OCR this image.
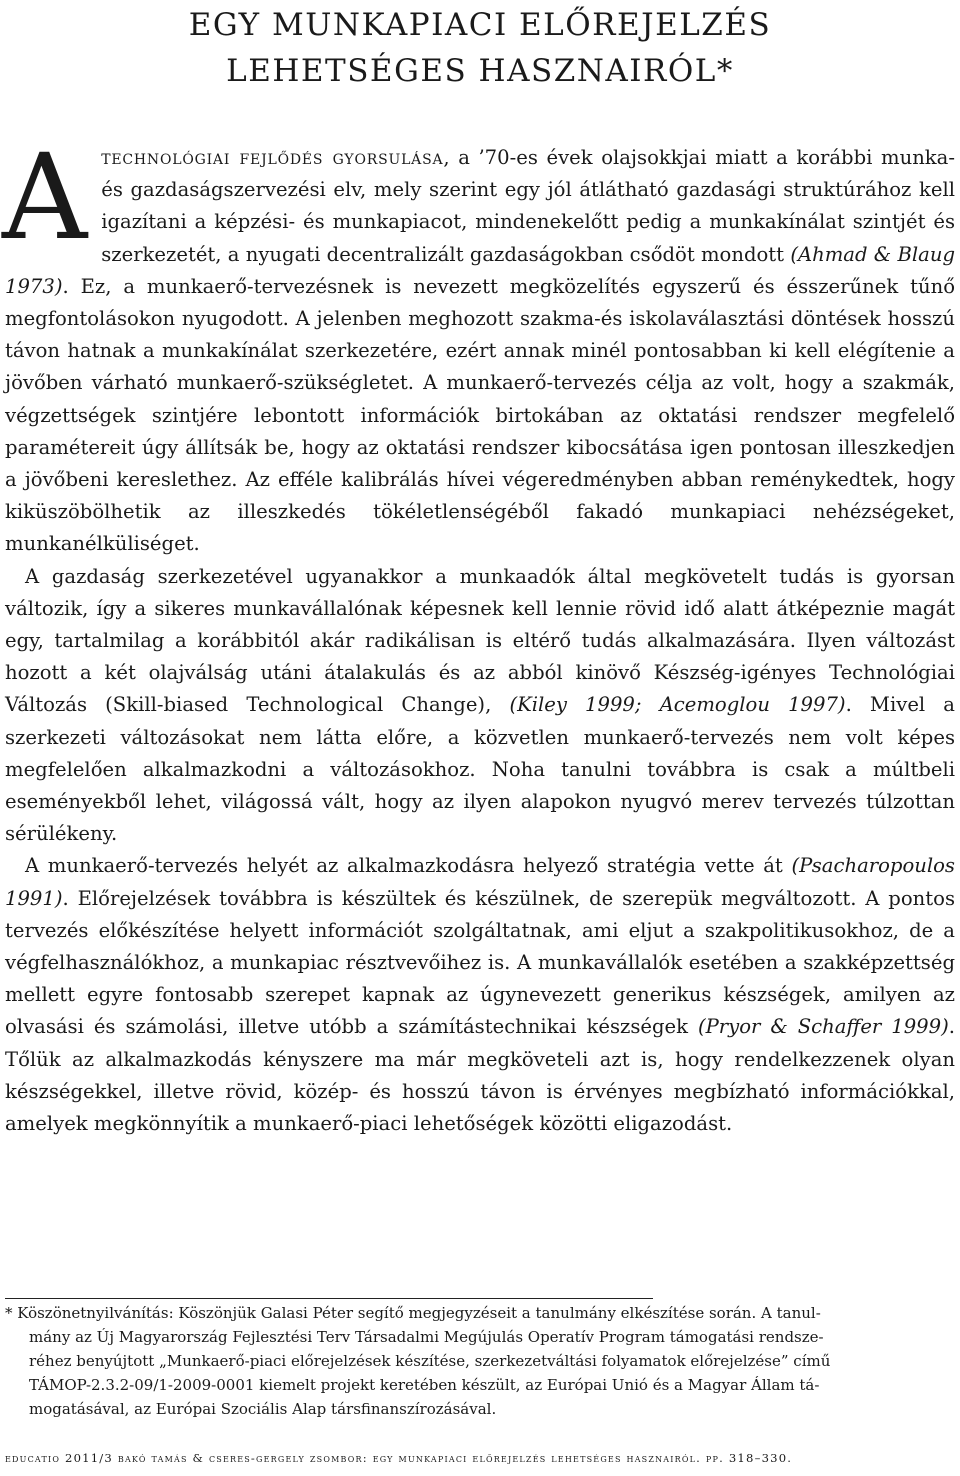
EGY MUNKAPIACI ELŐREJELZÉS
LEHETSÉGES HASZNAIRÓL*

Atechnológiai fejlődés gyorsulása, a ’70-es évek olajsokkjai miatt a korábbi munka- és gazdaságszervezési elv, mely szerint egy jól átlátható gazdasági struktúrához kell igazítani a képzési- és munkapiacot, mindenekelőtt pedig a munkakínálat szintjét és szerkezetét, a nyugati decentralizált gazdaságokban csődöt mondott (Ahmad & Blaug 1973). Ez, a munkaerő-tervezésnek is nevezett megközelítés egyszerű és ésszerűnek tűnő megfontolásokon nyugodott. A jelenben meghozott szakma-és iskolaválasztási döntések hosszú távon hatnak a munkakínálat szerkezetére, ezért annak minél pontosabban ki kell elégítenie a jövőben várható munkaerő-szükségletet. A munkaerő-tervezés célja az volt, hogy a szakmák, végzettségek szintjére lebontott információk birtokában az oktatási rendszer megfelelő paramétereit úgy állítsák be, hogy az oktatási rendszer kibocsátása igen pontosan illeszkedjen a jövőbeni kereslethez. Az efféle kalibrálás hívei végeredményben abban reménykedtek, hogy kiküszöbölhetik az illeszkedés tökéletlenségéből fakadó munkapiaci nehézségeket, munkanélküliséget.

A gazdaság szerkezetével ugyanakkor a munkaadók által megkövetelt tudás is gyorsan változik, így a sikeres munkavállalónak képesnek kell lennie rövid idő alatt átképeznie magát egy, tartalmilag a korábbitól akár radikálisan is eltérő tudás alkalmazására. Ilyen változást hozott a két olajválság utáni átalakulás és az abból kinövő Készség-igényes Technológiai Változás (Skill-biased Technological Change), (Kiley 1999; Acemoglou 1997). Mivel a szerkezeti változásokat nem látta előre, a közvetlen munkaerő-tervezés nem volt képes megfelelően alkalmazkodni a változásokhoz. Noha tanulni továbbra is csak a múltbeli eseményekből lehet, világossá vált, hogy az ilyen alapokon nyugvó merev tervezés túlzottan sérülékeny.

A munkaerő-tervezés helyét az alkalmazkodásra helyező stratégia vette át (Psacharopoulos 1991). Előrejelzések továbbra is készültek és készülnek, de szerepük megváltozott. A pontos tervezés előkészítése helyett információt szolgáltatnak, ami eljut a szakpolitikusokhoz, de a végfelhasználókhoz, a munkapiac résztvevőihez is. A munkavállalók esetében a szakképzettség mellett egyre fontosabb szerepet kapnak az úgynevezett generikus készségek, amilyen az olvasási és számolási, illetve utóbb a számítástechnikai készségek (Pryor & Schaffer 1999). Tőlük az alkalmazkodás kényszere ma már megköveteli azt is, hogy rendelkezzenek olyan készségekkel, illetve rövid, közép- és hosszú távon is érvényes megbízható információkkal, amelyek megkönnyítik a munkaerő-piaci lehetőségek közötti eligazodást.

* Köszönetnyilvánítás: Köszönjük Galasi Péter segítő megjegyzéseit a tanulmány elkészítése során. A tanul-
mány az Új Magyarország Fejlesztési Terv Társadalmi Megújulás Operatív Program támogatási rendsze-
réhez benyújtott „Munkaerő-piaci előrejelzések készítése, szerkezetváltási folyamatok előrejelzése” című
TÁMOP-2.3.2-09/1-2009-0001 kiemelt projekt keretében készült, az Európai Unió és a Magyar Állam tá-
mogatásával, az Európai Szociális Alap társfinanszírozásával.
educatio 2011/3 bakó tamás & cseres-gergely zsombor: egy munkapiaci előrejelzés lehetséges hasznairól. pp. 318–330.
